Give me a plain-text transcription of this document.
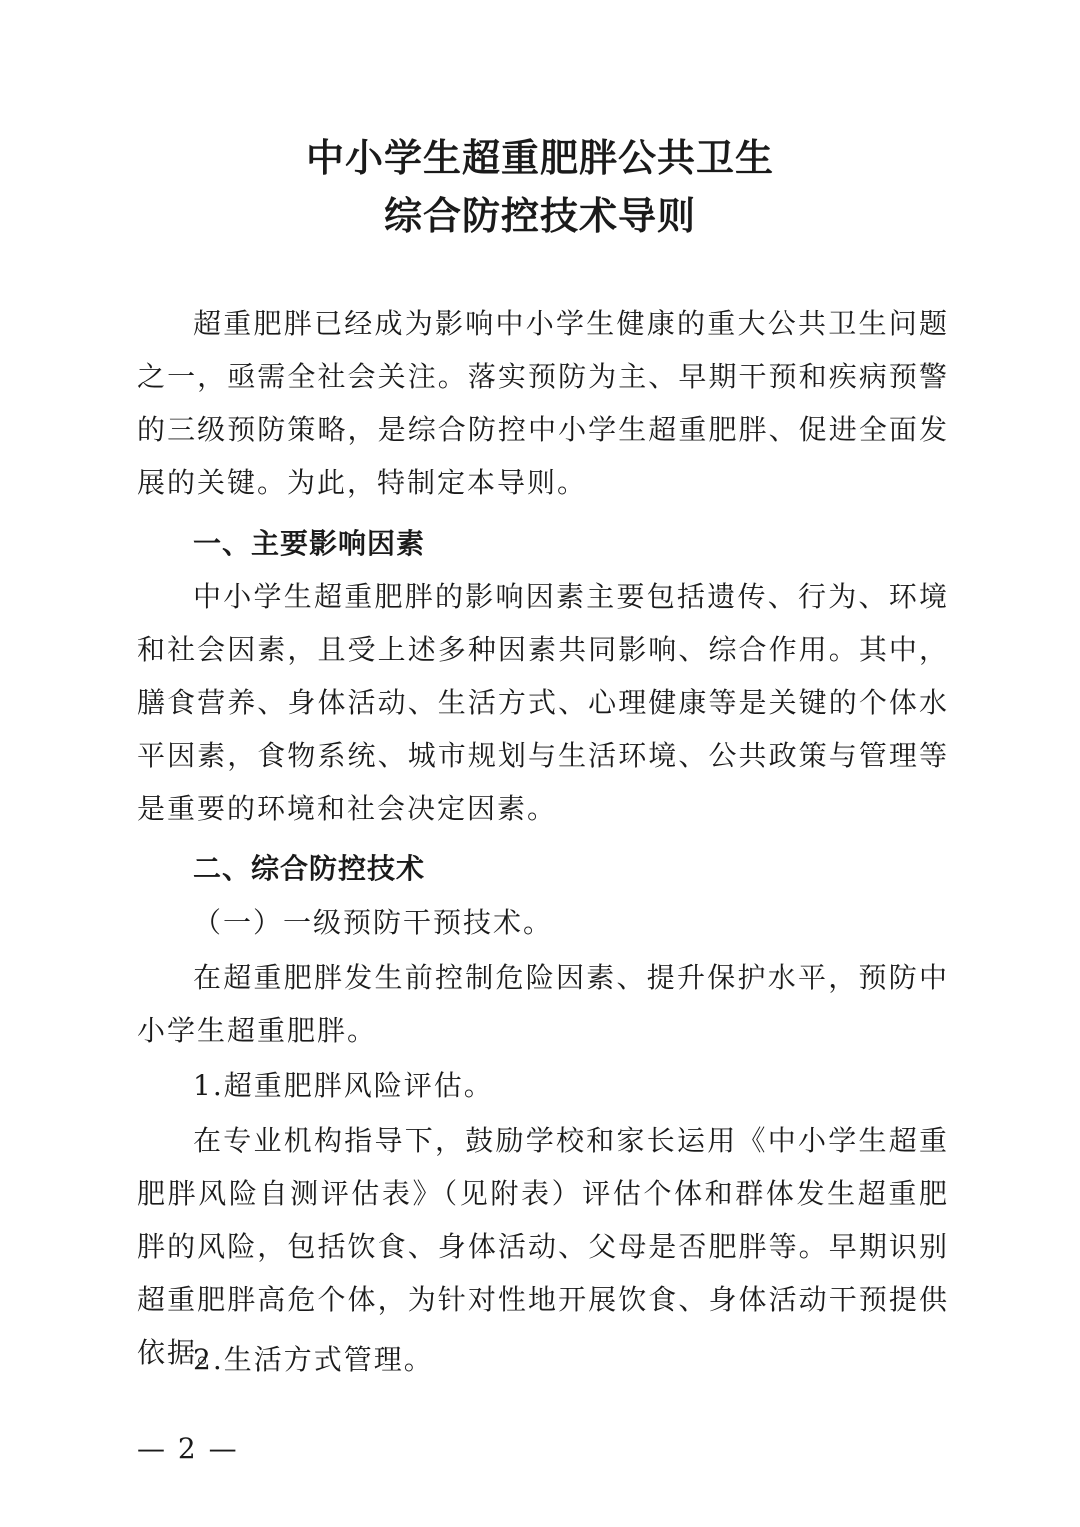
中小学生超重肥胖公共卫生
综合防控技术导则

超重肥胖已经成为影响中小学生健康的重大公共卫生问题之一，亟需全社会关注。落实预防为主、早期干预和疾病预警的三级预防策略，是综合防控中小学生超重肥胖、促进全面发展的关键。为此，特制定本导则。

一、主要影响因素

中小学生超重肥胖的影响因素主要包括遗传、行为、环境和社会因素，且受上述多种因素共同影响、综合作用。其中，膳食营养、身体活动、生活方式、心理健康等是关键的个体水平因素，食物系统、城市规划与生活环境、公共政策与管理等是重要的环境和社会决定因素。

二、综合防控技术

（一）一级预防干预技术。

在超重肥胖发生前控制危险因素、提升保护水平，预防中小学生超重肥胖。

1.超重肥胖风险评估。

在专业机构指导下，鼓励学校和家长运用《中小学生超重肥胖风险自测评估表》（见附表）评估个体和群体发生超重肥胖的风险，包括饮食、身体活动、父母是否肥胖等。早期识别超重肥胖高危个体，为针对性地开展饮食、身体活动干预提供依据。

2.生活方式管理。

— 2 —
